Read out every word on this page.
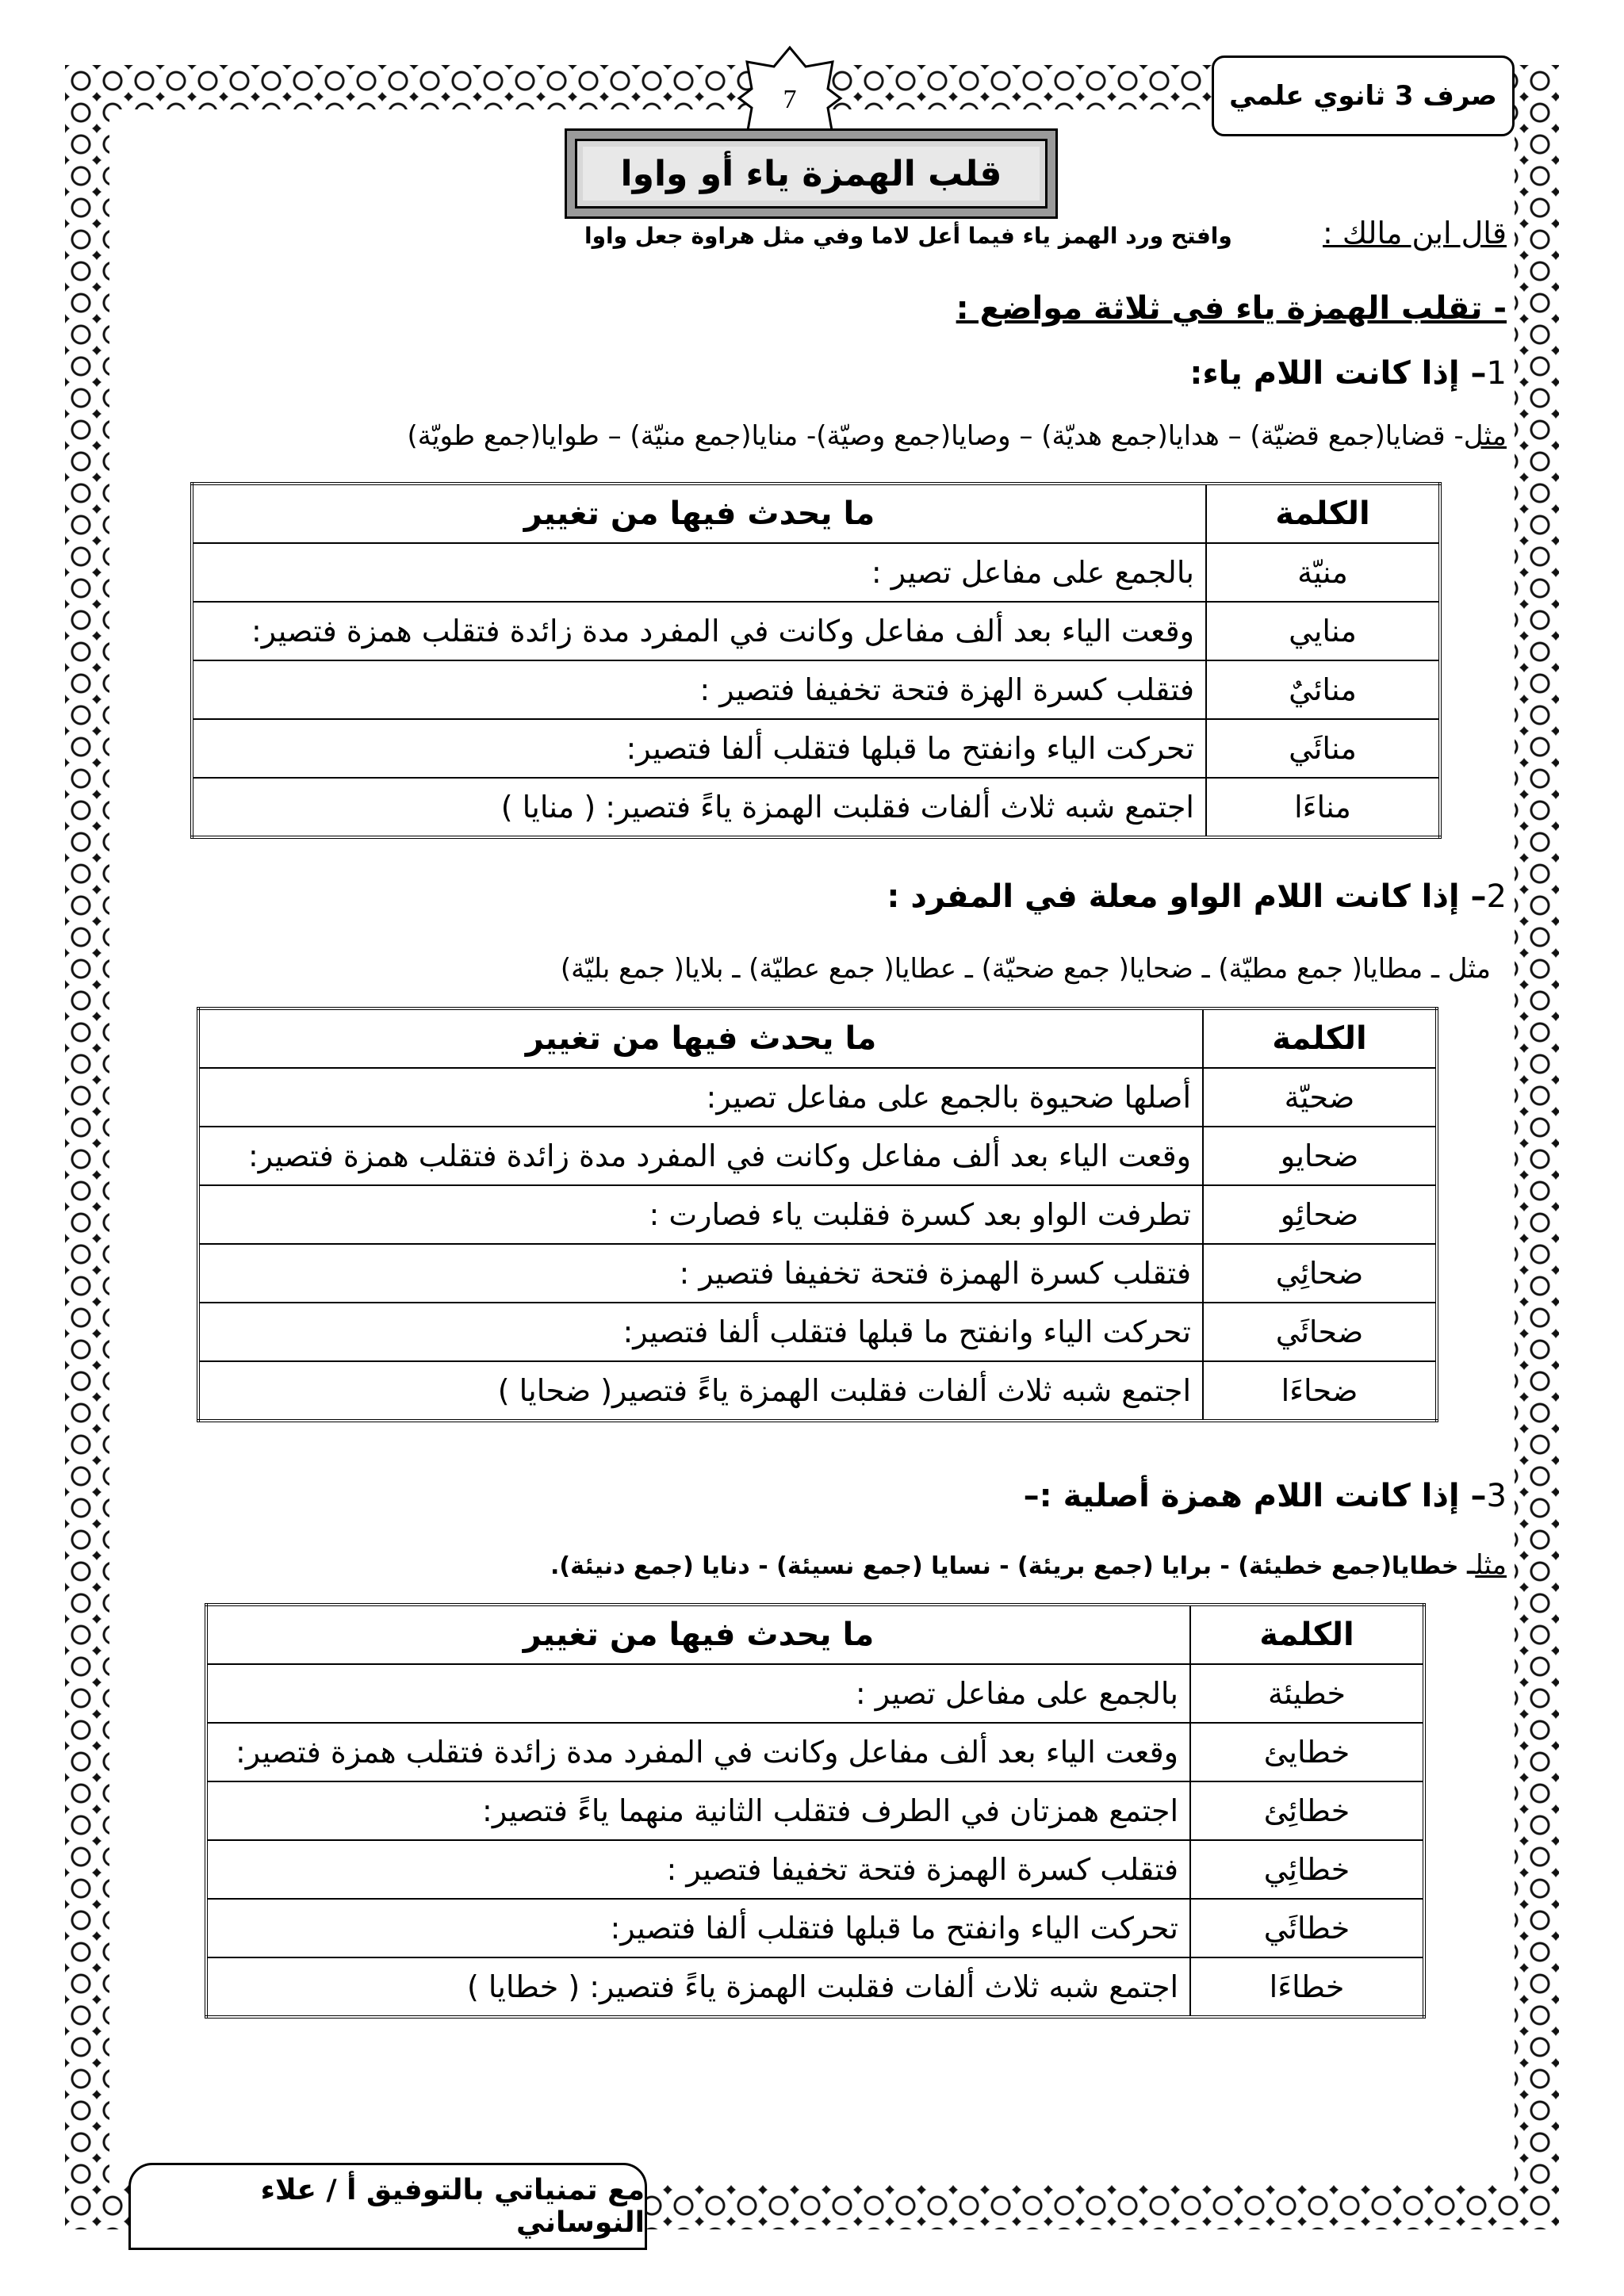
7	صرف 3 ثانوي علمي
قلب الهمزة ياء أو واوا
قال ابن مالك :  وافتح ورد الهمز ياء فيما أعل لاما وفي مثل هراوة جعل واوا
- تقلب الهمزة ياء في ثلاثة مواضع :
1– إذا كانت اللام ياء:
مثل- قضايا(جمع قضيّة) – هدايا(جمع هديّة) – وصايا(جمع وصيّة)- منايا(جمع منيّة) – طوايا(جمع طويّة)
الكلمة	ما يحدث فيها من تغيير
منيّة	بالجمع على مفاعل تصير :
منايي	وقعت الياء بعد ألف مفاعل وكانت في المفرد مدة زائدة فتقلب همزة فتصير:
منائيٌ	فتقلب كسرة الهزة فتحة تخفيفا فتصير :
منائَي	تحركت الياء وانفتح ما قبلها فتقلب ألفا فتصير:
مناءَا	اجتمع شبه ثلاث ألفات فقلبت الهمزة ياءً فتصير: ( منايا )
2– إذا كانت اللام الواو معلة في المفرد :
مثل ـ مطايا( جمع مطيّة) ـ ضحايا( جمع ضحيّة) ـ عطايا( جمع عطيّة) ـ بلايا( جمع بليّة)
الكلمة	ما يحدث فيها من تغيير
ضحيّة	أصلها ضحيوة بالجمع على مفاعل تصير:
ضحايو	وقعت الياء بعد ألف مفاعل وكانت في المفرد مدة زائدة فتقلب همزة فتصير:
ضحائِو	تطرفت الواو بعد كسرة فقلبت ياء فصارت :
ضحائِي	فتقلب كسرة الهمزة فتحة تخفيفا فتصير :
ضحائَي	تحركت الياء وانفتح ما قبلها فتقلب ألفا فتصير:
ضحاءَا	اجتمع شبه ثلاث ألفات فقلبت الهمزة ياءً فتصير( ضحايا )
3– إذا كانت اللام همزة أصلية :–
مثلـ خطايا(جمع خطيئة) - برايا (جمع بريئة) - نسايا (جمع نسيئة) - دنايا (جمع دنيئة).
الكلمة	ما يحدث فيها من تغيير
خطيئة	بالجمع على مفاعل تصير :
خطايئ	وقعت الياء بعد ألف مفاعل وكانت في المفرد مدة زائدة فتقلب همزة فتصير:
خطائِئ	اجتمع همزتان في الطرف فتقلب الثانية منهما ياءً فتصير:
خطائِي	فتقلب كسرة الهمزة فتحة تخفيفا فتصير :
خطائَي	تحركت الياء وانفتح ما قبلها فتقلب ألفا فتصير:
خطاءَا	اجتمع شبه ثلاث ألفات فقلبت الهمزة ياءً فتصير: ( خطايا )
مع تمنياتي بالتوفيق أ / علاء النوساني
